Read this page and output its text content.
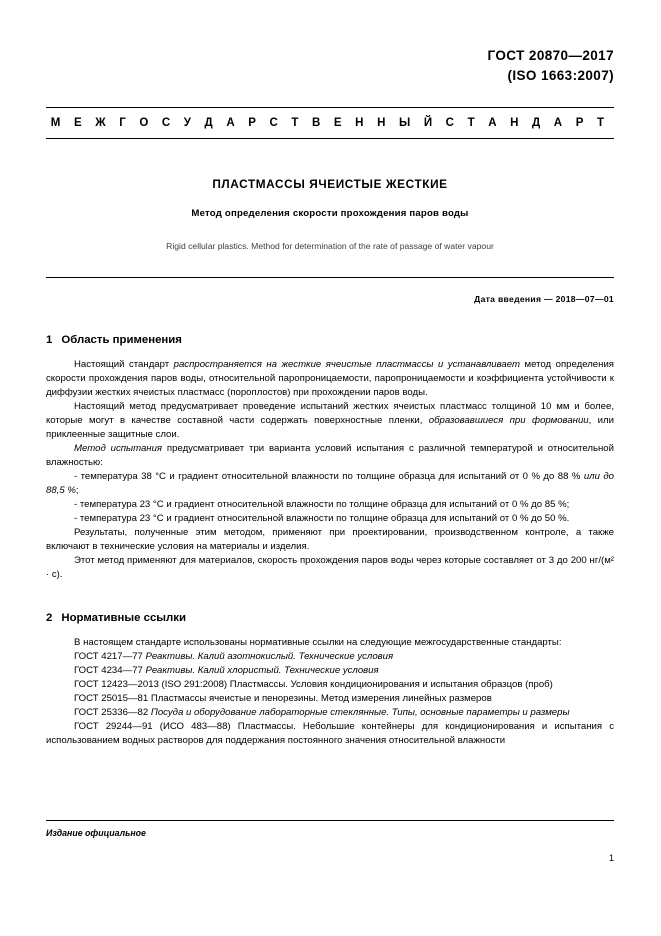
ГОСТ 20870—2017
(ISO 1663:2007)
М Е Ж Г О С У Д А Р С Т В Е Н Н Ы Й С Т А Н Д А Р Т
ПЛАСТМАССЫ ЯЧЕИСТЫЕ ЖЕСТКИЕ
Метод определения скорости прохождения паров воды
Rigid cellular plastics. Method for determination of the rate of passage of water vapour
Дата введения — 2018—07—01
1 Область применения

Настоящий стандарт распространяется на жесткие ячеистые пластмассы и устанавливает метод определения скорости прохождения паров воды, относительной паропроницаемости, паропроницаемости и коэффициента устойчивости к диффузии жестких ячеистых пластмасс (пороплостов) при прохождении паров воды.

Настоящий метод предусматривает проведение испытаний жестких ячеистых пластмасс толщиной 10 мм и более, которые могут в качестве составной части содержать поверхностные пленки, образовавшиеся при формовании, или приклеенные защитные слои.

Метод испытания предусматривает три варианта условий испытания с различной температурой и относительной влажностью:

- температура 38 °С и градиент относительной влажности по толщине образца для испытаний от 0 % до 88 % или до 88,5 %;

- температура 23 °С и градиент относительной влажности по толщине образца для испытаний от 0 % до 85 %;

- температура 23 °С и градиент относительной влажности по толщине образца для испытаний от 0 % до 50 %.

Результаты, полученные этим методом, применяют при проектировании, производственном контроле, а также включают в технические условия на материалы и изделия.

Этот метод применяют для материалов, скорость прохождения паров воды через которые составляет от 3 до 200 нг/(м² · с).

2 Нормативные ссылки

В настоящем стандарте использованы нормативные ссылки на следующие межгосударственные стандарты:

ГОСТ 4217—77 Реактивы. Калий азотнокислый. Технические условия

ГОСТ 4234—77 Реактивы. Калий хлористый. Технические условия

ГОСТ 12423—2013 (ISO 291:2008) Пластмассы. Условия кондиционирования и испытания образцов (проб)

ГОСТ 25015—81 Пластмассы ячеистые и пенорезины. Метод измерения линейных размеров

ГОСТ 25336—82 Посуда и оборудование лабораторные стеклянные. Типы, основные параметры и размеры

ГОСТ 29244—91 (ИСО 483—88) Пластмассы. Небольшие контейнеры для кондиционирования и испытания с использованием водных растворов для поддержания постоянного значения относительной влажности

Издание официальное
1
